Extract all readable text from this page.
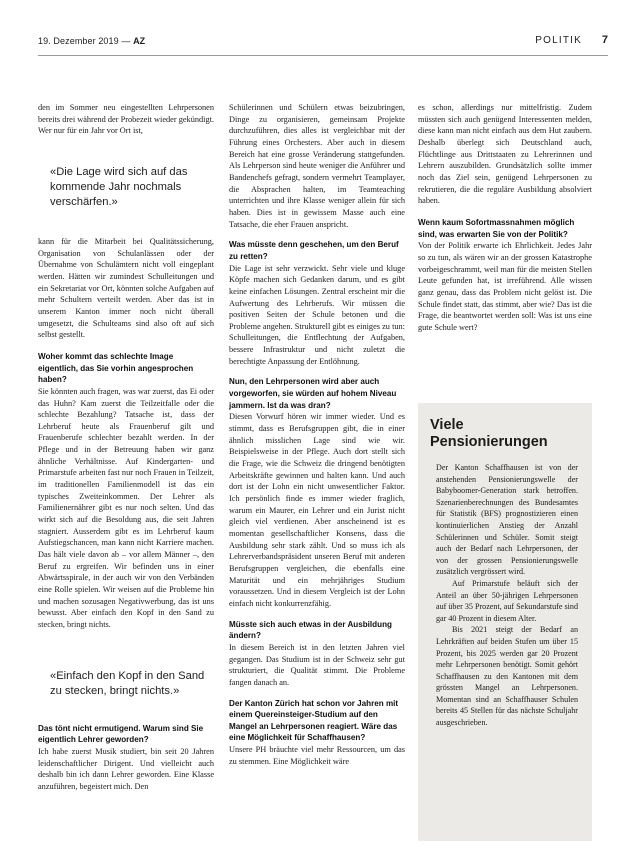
19. Dezember 2019 — AZ	POLITIK 7

den im Sommer neu eingestellten Lehrpersonen bereits drei während der Probezeit wieder gekündigt. Wer nur für ein Jahr vor Ort ist,

«Die Lage wird sich auf das kommende Jahr nochmals verschärfen.»

kann für die Mitarbeit bei Qualitätssicherung, Organisation von Schulanlässen oder der Übernahme von Schulämtern nicht voll eingeplant werden. Hätten wir zumindest Schulleitungen und ein Sekretariat vor Ort, könnten solche Aufgaben auf mehr Schultern verteilt werden. Aber das ist in unserem Kanton immer noch nicht überall umgesetzt, die Schulteams sind also oft auf sich selbst gestellt.

Woher kommt das schlechte Image eigentlich, das Sie vorhin angesprochen haben?

Sie könnten auch fragen, was war zuerst, das Ei oder das Huhn? Kam zuerst die Teilzeitfalle oder die schlechte Bezahlung? Tatsache ist, dass der Lehrberuf heute als Frauenberuf gilt und Frauenberufe schlechter bezahlt werden. In der Pflege und in der Betreuung haben wir ganz ähnliche Verhältnisse. Auf Kindergarten- und Primarstufe arbeiten fast nur noch Frauen in Teilzeit, im traditionellen Familienmodell ist das ein typisches Zweiteinkommen. Der Lehrer als Familienernährer gibt es nur noch selten. Und das wirkt sich auf die Besoldung aus, die seit Jahren stagniert. Ausserdem gibt es im Lehrberuf kaum Aufstiegschancen, man kann nicht Karriere machen. Das hält viele davon ab – vor allem Männer –, den Beruf zu ergreifen. Wir befinden uns in einer Abwärtsspirale, in der auch wir von den Verbänden eine Rolle spielen. Wir weisen auf die Probleme hin und machen sozusagen Negativwerbung, das ist uns bewusst. Aber einfach den Kopf in den Sand zu stecken, bringt nichts.

«Einfach den Kopf in den Sand zu stecken, bringt nichts.»

Das tönt nicht ermutigend. Warum sind Sie eigentlich Lehrer geworden?

Ich habe zuerst Musik studiert, bin seit 20 Jahren leidenschaftlicher Dirigent. Und vielleicht auch deshalb bin ich dann Lehrer geworden. Eine Klasse anzuführen, begeistert mich. Den

Schülerinnen und Schülern etwas beizubringen, Dinge zu organisieren, gemeinsam Projekte durchzuführen, dies alles ist vergleichbar mit der Führung eines Orchesters. Aber auch in diesem Bereich hat eine grosse Veränderung stattgefunden. Als Lehrperson sind heute weniger die Anführer und Bandenchefs gefragt, sondern vermehrt Teamplayer, die Absprachen halten, im Teamteaching unterrichten und ihre Klasse weniger allein für sich haben. Dies ist in gewissem Masse auch eine Tatsache, die eher Frauen anspricht.

Was müsste denn geschehen, um den Beruf zu retten?

Die Lage ist sehr verzwickt. Sehr viele und kluge Köpfe machen sich Gedanken darum, und es gibt keine einfachen Lösungen. Zentral erscheint mir die Aufwertung des Lehrberufs. Wir müssen die positiven Seiten der Schule betonen und die Probleme angehen. Strukturell gibt es einiges zu tun: Schulleitungen, die Entflechtung der Aufgaben, bessere Infrastruktur und nicht zuletzt die berechtigte Anpassung der Entlöhnung.

Nun, den Lehrpersonen wird aber auch vorgeworfen, sie würden auf hohem Niveau jammern. Ist da was dran?

Diesen Vorwurf hören wir immer wieder. Und es stimmt, dass es Berufsgruppen gibt, die in einer ähnlich misslichen Lage sind wie wir. Beispielsweise in der Pflege. Auch dort stellt sich die Frage, wie die Schweiz die dringend benötigten Arbeitskräfte gewinnen und halten kann. Und auch dort ist der Lohn ein nicht unwesentlicher Faktor. Ich persönlich finde es immer wieder fraglich, warum ein Maurer, ein Lehrer und ein Jurist nicht gleich viel verdienen. Aber anscheinend ist es momentan gesellschaftlicher Konsens, dass die Ausbildung sehr stark zählt. Und so muss ich als Lehrerverbandspräsident unseren Beruf mit anderen Berufsgruppen vergleichen, die ebenfalls eine Maturität und ein mehrjähriges Studium voraussetzen. Und in diesem Vergleich ist der Lohn einfach nicht konkurrenzfähig.

Müsste sich auch etwas in der Ausbildung ändern?

In diesem Bereich ist in den letzten Jahren viel gegangen. Das Studium ist in der Schweiz sehr gut strukturiert, die Qualität stimmt. Die Probleme fangen danach an.

Der Kanton Zürich hat schon vor Jahren mit einem Quereinsteiger-Studium auf den Mangel an Lehrpersonen reagiert. Wäre das eine Möglichkeit für Schaffhausen?

Unsere PH bräuchte viel mehr Ressourcen, um das zu stemmen. Eine Möglichkeit wäre

es schon, allerdings nur mittelfristig. Zudem müssten sich auch genügend Interessenten melden, diese kann man nicht einfach aus dem Hut zaubern. Deshalb überlegt sich Deutschland auch, Flüchtlinge aus Drittstaaten zu Lehrerinnen und Lehrern auszubilden. Grundsätzlich sollte immer noch das Ziel sein, genügend Lehrpersonen zu rekrutieren, die die reguläre Ausbildung absolviert haben.

Wenn kaum Sofortmassnahmen möglich sind, was erwarten Sie von der Politik?

Von der Politik erwarte ich Ehrlichkeit. Jedes Jahr so zu tun, als wären wir an der grossen Katastrophe vorbeigeschrammt, weil man für die meisten Stellen Leute gefunden hat, ist irreführend. Alle wissen ganz genau, dass das Problem nicht gelöst ist. Die Schule findet statt, das stimmt, aber wie? Das ist die Frage, die beantwortet werden soll: Was ist uns eine gute Schule wert?

Viele Pensionierungen

Der Kanton Schaffhausen ist von der anstehenden Pensionierungswelle der Babyboomer-Generation stark betroffen. Szenarienberechnungen des Bundesamtes für Statistik (BFS) prognostizieren einen kontinuierlichen Anstieg der Anzahl Schülerinnen und Schüler. Somit steigt auch der Bedarf nach Lehrpersonen, der von der grossen Pensionierungswelle zusätzlich vergrössert wird.

Auf Primarstufe beläuft sich der Anteil an über 50-jährigen Lehrpersonen auf über 35 Prozent, auf Sekundarstufe sind gar 40 Prozent in diesem Alter.

Bis 2021 steigt der Bedarf an Lehrkräften auf beiden Stufen um über 15 Prozent, bis 2025 werden gar 20 Prozent mehr Lehrpersonen benötigt. Somit gehört Schaffhausen zu den Kantonen mit dem grössten Mangel an Lehrpersonen. Momentan sind an Schaffhauser Schulen bereits 45 Stellen für das nächste Schuljahr ausgeschrieben.
